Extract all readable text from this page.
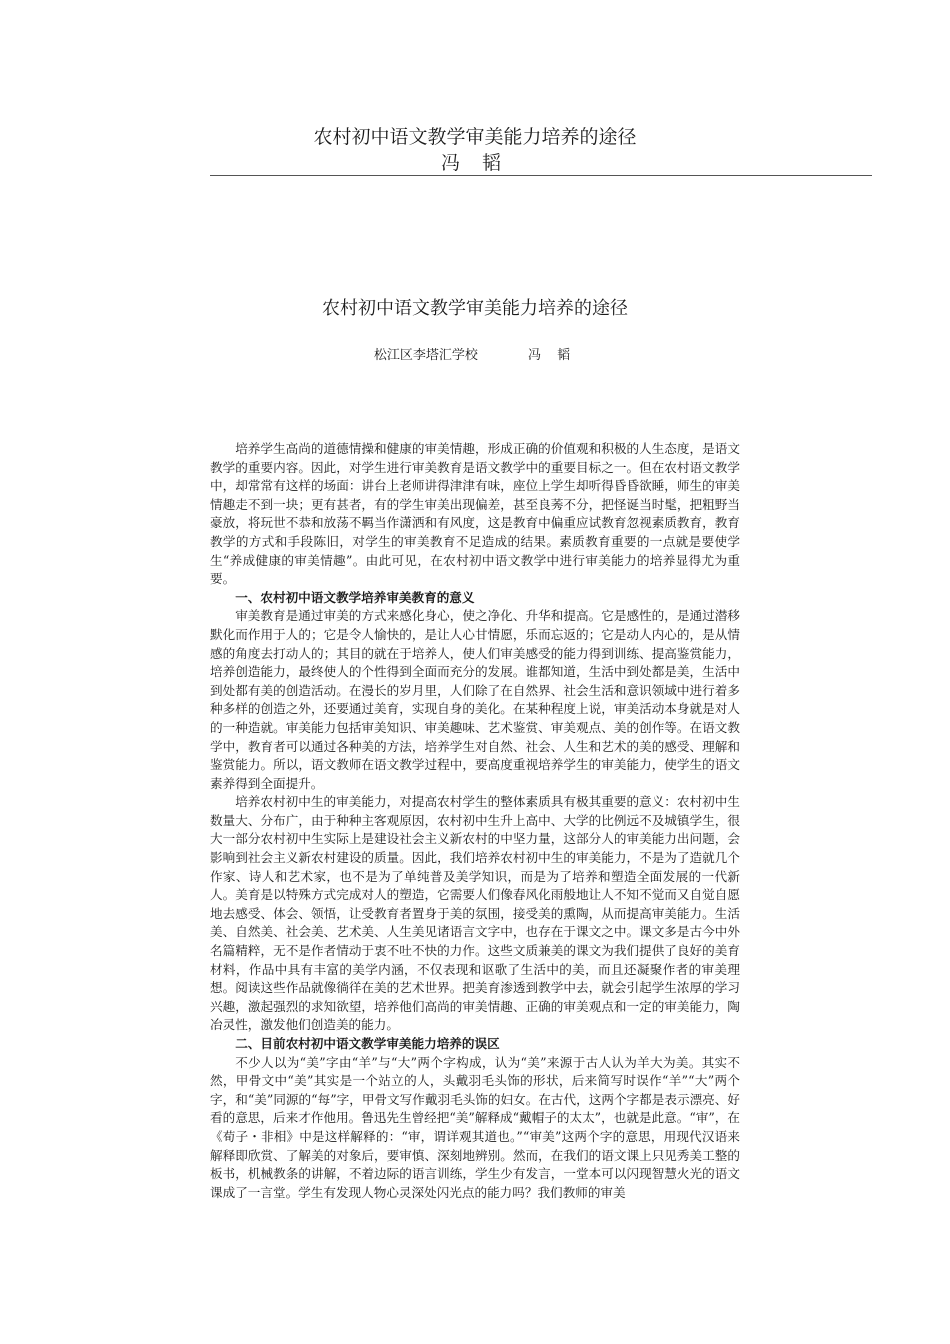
农村初中语文教学审美能力培养的途径
冯 韬
农村初中语文教学审美能力培养的途径
松江区李塔汇学校	冯 韬

培养学生高尚的道德情操和健康的审美情趣，形成正确的价值观和积极的人生态度，是语文教学的重要内容。因此，对学生进行审美教育是语文教学中的重要目标之一。但在农村语文教学中，却常常有这样的场面：讲台上老师讲得津津有味，座位上学生却听得昏昏欲睡，师生的审美情趣走不到一块；更有甚者，有的学生审美出现偏差，甚至良莠不分，把怪诞当时髦，把粗野当豪放，将玩世不恭和放荡不羁当作潇洒和有风度，这是教育中偏重应试教育忽视素质教育，教育教学的方式和手段陈旧，对学生的审美教育不足造成的结果。素质教育重要的一点就是要使学生“养成健康的审美情趣”。由此可见，在农村初中语文教学中进行审美能力的培养显得尤为重要。

一、农村初中语文教学培养审美教育的意义

审美教育是通过审美的方式来感化身心，使之净化、升华和提高。它是感性的，是通过潜移默化而作用于人的；它是令人愉快的，是让人心甘情愿，乐而忘返的；它是动人内心的，是从情感的角度去打动人的；其目的就在于培养人，使人们审美感受的能力得到训练、提高鉴赏能力，培养创造能力，最终使人的个性得到全面而充分的发展。谁都知道，生活中到处都是美，生活中到处都有美的创造活动。在漫长的岁月里，人们除了在自然界、社会生活和意识领域中进行着多种多样的创造之外，还要通过美育，实现自身的美化。在某种程度上说，审美活动本身就是对人的一种造就。审美能力包括审美知识、审美趣味、艺术鉴赏、审美观点、美的创作等。在语文教学中，教育者可以通过各种美的方法，培养学生对自然、社会、人生和艺术的美的感受、理解和鉴赏能力。所以，语文教师在语文教学过程中，要高度重视培养学生的审美能力，使学生的语文素养得到全面提升。

培养农村初中生的审美能力，对提高农村学生的整体素质具有极其重要的意义：农村初中生数量大、分布广，由于种种主客观原因，农村初中生升上高中、大学的比例远不及城镇学生，很大一部分农村初中生实际上是建设社会主义新农村的中坚力量，这部分人的审美能力出问题，会影响到社会主义新农村建设的质量。因此，我们培养农村初中生的审美能力，不是为了造就几个作家、诗人和艺术家，也不是为了单纯普及美学知识，而是为了培养和塑造全面发展的一代新人。美育是以特殊方式完成对人的塑造，它需要人们像春风化雨般地让人不知不觉而又自觉自愿地去感受、体会、领悟，让受教育者置身于美的氛围，接受美的熏陶，从而提高审美能力。生活美、自然美、社会美、艺术美、人生美见诸语言文字中，也存在于课文之中。课文多是古今中外名篇精粹，无不是作者情动于衷不吐不快的力作。这些文质兼美的课文为我们提供了良好的美育材料，作品中具有丰富的美学内涵，不仅表现和讴歌了生活中的美，而且还凝聚作者的审美理想。阅读这些作品就像徜徉在美的艺术世界。把美育渗透到教学中去，就会引起学生浓厚的学习兴趣，激起强烈的求知欲望，培养他们高尚的审美情趣、正确的审美观点和一定的审美能力，陶冶灵性，激发他们创造美的能力。

二、目前农村初中语文教学审美能力培养的误区

不少人以为“美”字由“羊”与“大”两个字构成，认为“美”来源于古人认为羊大为美。其实不然，甲骨文中“美”其实是一个站立的人，头戴羽毛头饰的形状，后来简写时误作“羊”“大”两个字，和“美”同源的“每”字，甲骨文写作戴羽毛头饰的妇女。在古代，这两个字都是表示漂亮、好看的意思，后来才作他用。鲁迅先生曾经把“美”解释成“戴帽子的太太”，也就是此意。“审”，在《荀子・非相》中是这样解释的：“审，谓详观其道也。”“审美”这两个字的意思，用现代汉语来解释即欣赏、了解美的对象后，要审慎、深刻地辨别。然而，在我们的语文课上只见秀美工整的板书，机械教条的讲解，不着边际的语言训练，学生少有发言，一堂本可以闪现智慧火光的语文课成了一言堂。学生有发现人物心灵深处闪光点的能力吗？我们教师的审美
